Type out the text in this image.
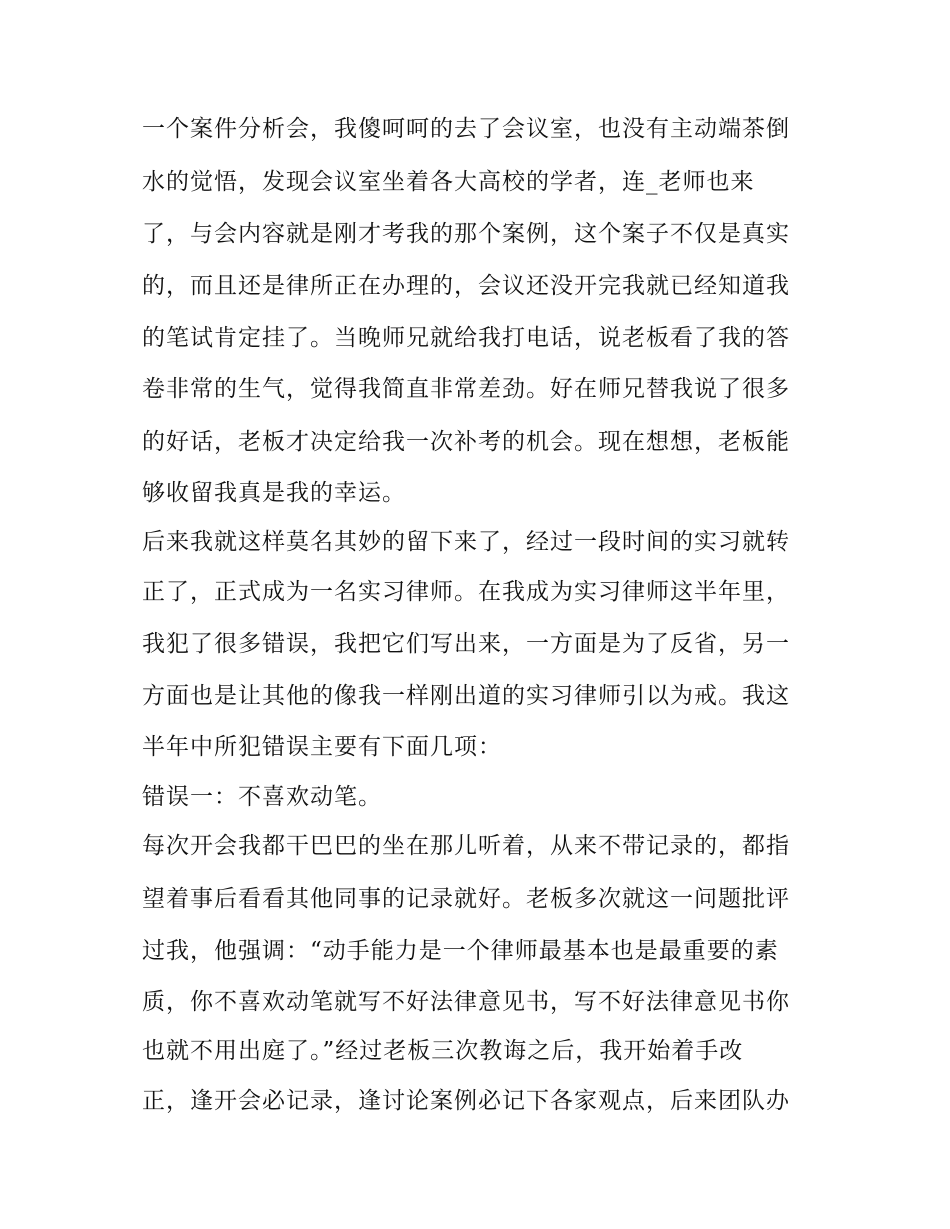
一个案件分析会，我傻呵呵的去了会议室，也没有主动端茶倒
水的觉悟，发现会议室坐着各大高校的学者，连_老师也来
了，与会内容就是刚才考我的那个案例，这个案子不仅是真实
的，而且还是律所正在办理的，会议还没开完我就已经知道我
的笔试肯定挂了。当晚师兄就给我打电话，说老板看了我的答
卷非常的生气，觉得我简直非常差劲。好在师兄替我说了很多
的好话，老板才决定给我一次补考的机会。现在想想，老板能
够收留我真是我的幸运。
后来我就这样莫名其妙的留下来了，经过一段时间的实习就转
正了，正式成为一名实习律师。在我成为实习律师这半年里，
我犯了很多错误，我把它们写出来，一方面是为了反省，另一
方面也是让其他的像我一样刚出道的实习律师引以为戒。我这
半年中所犯错误主要有下面几项：
错误一：不喜欢动笔。
每次开会我都干巴巴的坐在那儿听着，从来不带记录的，都指
望着事后看看其他同事的记录就好。老板多次就这一问题批评
过我，他强调：“动手能力是一个律师最基本也是最重要的素
质，你不喜欢动笔就写不好法律意见书，写不好法律意见书你
也就不用出庭了。”经过老板三次教诲之后，我开始着手改
正，逢开会必记录，逢讨论案例必记下各家观点，后来团队办
